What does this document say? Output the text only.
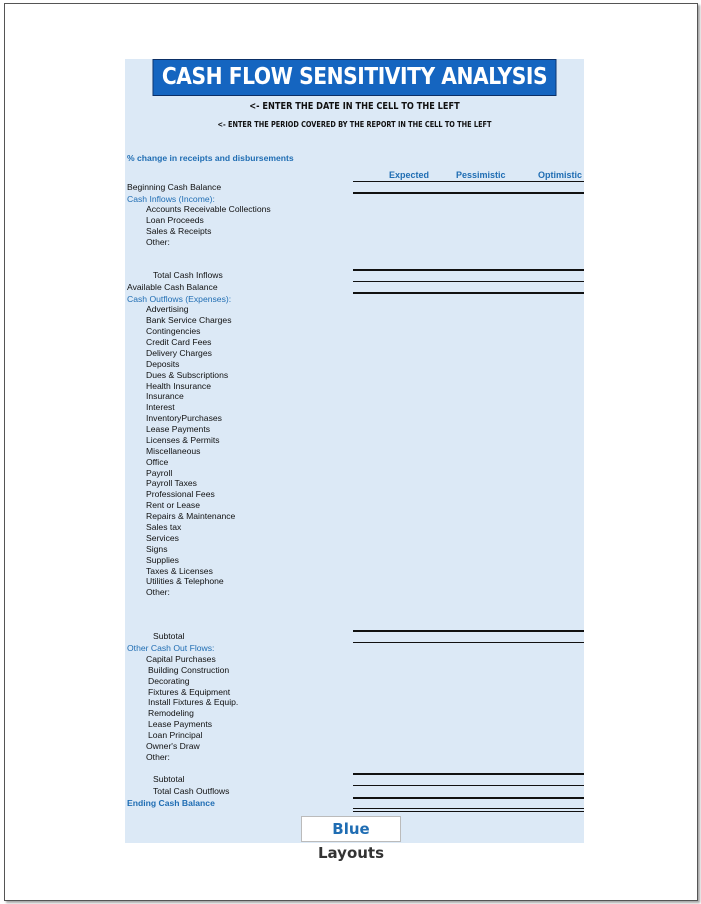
CASH FLOW SENSITIVITY ANALYSIS
<- ENTER THE DATE IN THE CELL TO THE LEFT
<- ENTER THE PERIOD COVERED BY THE REPORT IN THE CELL TO THE LEFT
% change in receipts and disbursements
Expected	Pessimistic	Optimistic
Beginning Cash Balance
Cash Inflows (Income):
Accounts Receivable Collections
Loan Proceeds
Sales & Receipts
Other:
Total Cash Inflows
Available Cash Balance
Cash Outflows (Expenses):
Advertising
Bank Service Charges
Contingencies
Credit Card Fees
Delivery Charges
Deposits
Dues & Subscriptions
Health Insurance
Insurance
Interest
InventoryPurchases
Lease Payments
Licenses & Permits
Miscellaneous
Office
Payroll
Payroll Taxes
Professional Fees
Rent or Lease
Repairs & Maintenance
Sales tax
Services
Signs
Supplies
Taxes & Licenses
Utilities & Telephone
Other:
Subtotal
Other Cash Out Flows:
Capital Purchases
Building Construction
Decorating
Fixtures & Equipment
Install Fixtures & Equip.
Remodeling
Lease Payments
Loan Principal
Owner's Draw
Other:
Subtotal
Total Cash Outflows
Ending Cash Balance
Blue Layouts
